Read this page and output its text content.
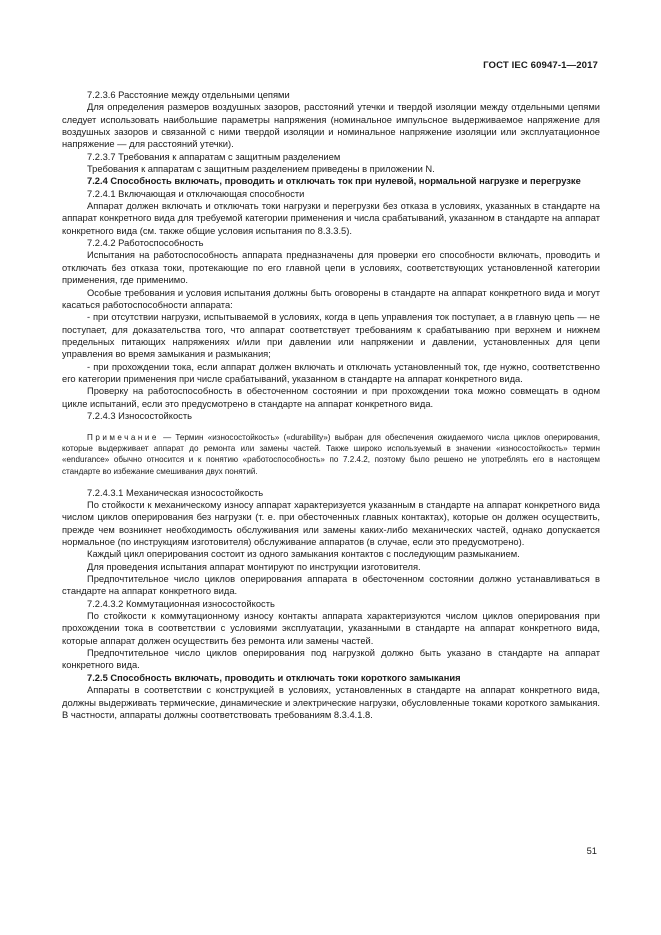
ГОСТ IEC 60947-1—2017

7.2.3.6 Расстояние между отдельными цепями

Для определения размеров воздушных зазоров, расстояний утечки и твердой изоляции между отдельными цепями следует использовать наибольшие параметры напряжения (номинальное импульсное выдерживаемое напряжение для воздушных зазоров и связанной с ними твердой изоляции и номинальное напряжение изоляции или эксплуатационное напряжение — для расстояний утечки).

7.2.3.7 Требования к аппаратам с защитным разделением

Требования к аппаратам с защитным разделением приведены в приложении N.

7.2.4 Способность включать, проводить и отключать ток при нулевой, нормальной нагрузке и перегрузке

7.2.4.1 Включающая и отключающая способности

Аппарат должен включать и отключать токи нагрузки и перегрузки без отказа в условиях, указанных в стандарте на аппарат конкретного вида для требуемой категории применения и числа срабатываний, указанном в стандарте на аппарат конкретного вида (см. также общие условия испытания по 8.3.3.5).

7.2.4.2 Работоспособность

Испытания на работоспособность аппарата предназначены для проверки его способности включать, проводить и отключать без отказа токи, протекающие по его главной цепи в условиях, соответствующих установленной категории применения, где применимо.

Особые требования и условия испытания должны быть оговорены в стандарте на аппарат конкретного вида и могут касаться работоспособности аппарата:

- при отсутствии нагрузки, испытываемой в условиях, когда в цепь управления ток поступает, а в главную цепь — не поступает, для доказательства того, что аппарат соответствует требованиям к срабатыванию при верхнем и нижнем предельных питающих напряжениях и/или при давлении или напряжении и давлении, установленных для цепи управления во время замыкания и размыкания;

- при прохождении тока, если аппарат должен включать и отключать установленный ток, где нужно, соответственно его категории применения при числе срабатываний, указанном в стандарте на аппарат конкретного вида.

Проверку на работоспособность в обесточенном состоянии и при прохождении тока можно совмещать в одном цикле испытаний, если это предусмотрено в стандарте на аппарат конкретного вида.

7.2.4.3 Износостойкость

Примечание — Термин «износостойкость» («durability») выбран для обеспечения ожидаемого числа циклов оперирования, которые выдерживает аппарат до ремонта или замены частей. Также широко используемый в значении «износостойкость» термин «endurance» обычно относится и к понятию «работоспособность» по 7.2.4.2, поэтому было решено не употреблять его в настоящем стандарте во избежание смешивания двух понятий.

7.2.4.3.1 Механическая износостойкость

По стойкости к механическому износу аппарат характеризуется указанным в стандарте на аппарат конкретного вида числом циклов оперирования без нагрузки (т. е. при обесточенных главных контактах), которые он должен осуществить, прежде чем возникнет необходимость обслуживания или замены каких-либо механических частей, однако допускается нормальное (по инструкциям изготовителя) обслуживание аппаратов (в случае, если это предусмотрено).

Каждый цикл оперирования состоит из одного замыкания контактов с последующим размыканием.

Для проведения испытания аппарат монтируют по инструкции изготовителя.

Предпочтительное число циклов оперирования аппарата в обесточенном состоянии должно устанавливаться в стандарте на аппарат конкретного вида.

7.2.4.3.2 Коммутационная износостойкость

По стойкости к коммутационному износу контакты аппарата характеризуются числом циклов оперирования при прохождении тока в соответствии с условиями эксплуатации, указанными в стандарте на аппарат конкретного вида, которые аппарат должен осуществить без ремонта или замены частей.

Предпочтительное число циклов оперирования под нагрузкой должно быть указано в стандарте на аппарат конкретного вида.

7.2.5 Способность включать, проводить и отключать токи короткого замыкания

Аппараты в соответствии с конструкцией в условиях, установленных в стандарте на аппарат конкретного вида, должны выдерживать термические, динамические и электрические нагрузки, обусловленные токами короткого замыкания. В частности, аппараты должны соответствовать требованиям 8.3.4.1.8.

51
